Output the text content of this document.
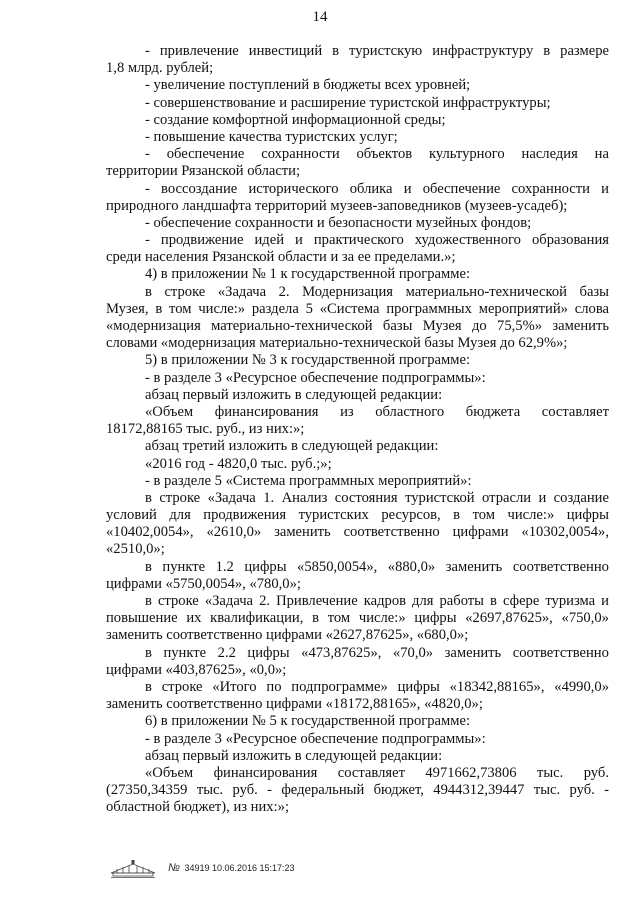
14
- привлечение инвестиций в туристскую инфраструктуру в размере
1,8 млрд. рублей;
- увеличение поступлений в бюджеты всех уровней;
- совершенствование и расширение туристской инфраструктуры;
- создание комфортной информационной среды;
- повышение качества туристских услуг;
- обеспечение сохранности объектов культурного наследия на
территории Рязанской области;
- воссоздание исторического облика и обеспечение сохранности и
природного ландшафта территорий музеев-заповедников (музеев-усадеб);
- обеспечение сохранности и безопасности музейных фондов;
- продвижение идей и практического художественного образования
среди населения Рязанской области и за ее пределами.»;
4) в приложении № 1 к государственной программе:
в строке «Задача 2. Модернизация материально-технической базы
Музея, в том числе:» раздела 5 «Система программных мероприятий» слова
«модернизация материально-технической базы Музея до 75,5%» заменить
словами «модернизация материально-технической базы Музея до 62,9%»;
5) в приложении № 3 к государственной программе:
- в разделе 3 «Ресурсное обеспечение подпрограммы»:
абзац первый изложить в следующей редакции:
«Объем финансирования из областного бюджета составляет
18172,88165 тыс. руб., из них:»;
абзац третий изложить в следующей редакции:
«2016 год - 4820,0 тыс. руб.;»;
- в разделе 5 «Система программных мероприятий»:
в строке «Задача 1. Анализ состояния туристской отрасли и создание
условий для продвижения туристских ресурсов, в том числе:» цифры
«10402,0054», «2610,0» заменить соответственно цифрами «10302,0054»,
«2510,0»;
в пункте 1.2 цифры «5850,0054», «880,0» заменить соответственно
цифрами «5750,0054», «780,0»;
в строке «Задача 2. Привлечение кадров для работы в сфере туризма и
повышение их квалификации, в том числе:» цифры «2697,87625», «750,0»
заменить соответственно цифрами «2627,87625», «680,0»;
в пункте 2.2 цифры «473,87625», «70,0» заменить соответственно
цифрами «403,87625», «0,0»;
в строке «Итого по подпрограмме» цифры «18342,88165», «4990,0»
заменить соответственно цифрами «18172,88165», «4820,0»;
6) в приложении № 5 к государственной программе:
- в разделе 3 «Ресурсное обеспечение подпрограммы»:
абзац первый изложить в следующей редакции:
«Объем финансирования составляет 4971662,73806 тыс. руб.
(27350,34359 тыс. руб. - федеральный бюджет, 4944312,39447 тыс. руб. -
областной бюджет), из них:»;
№ 34919 10.06.2016 15:17:23
